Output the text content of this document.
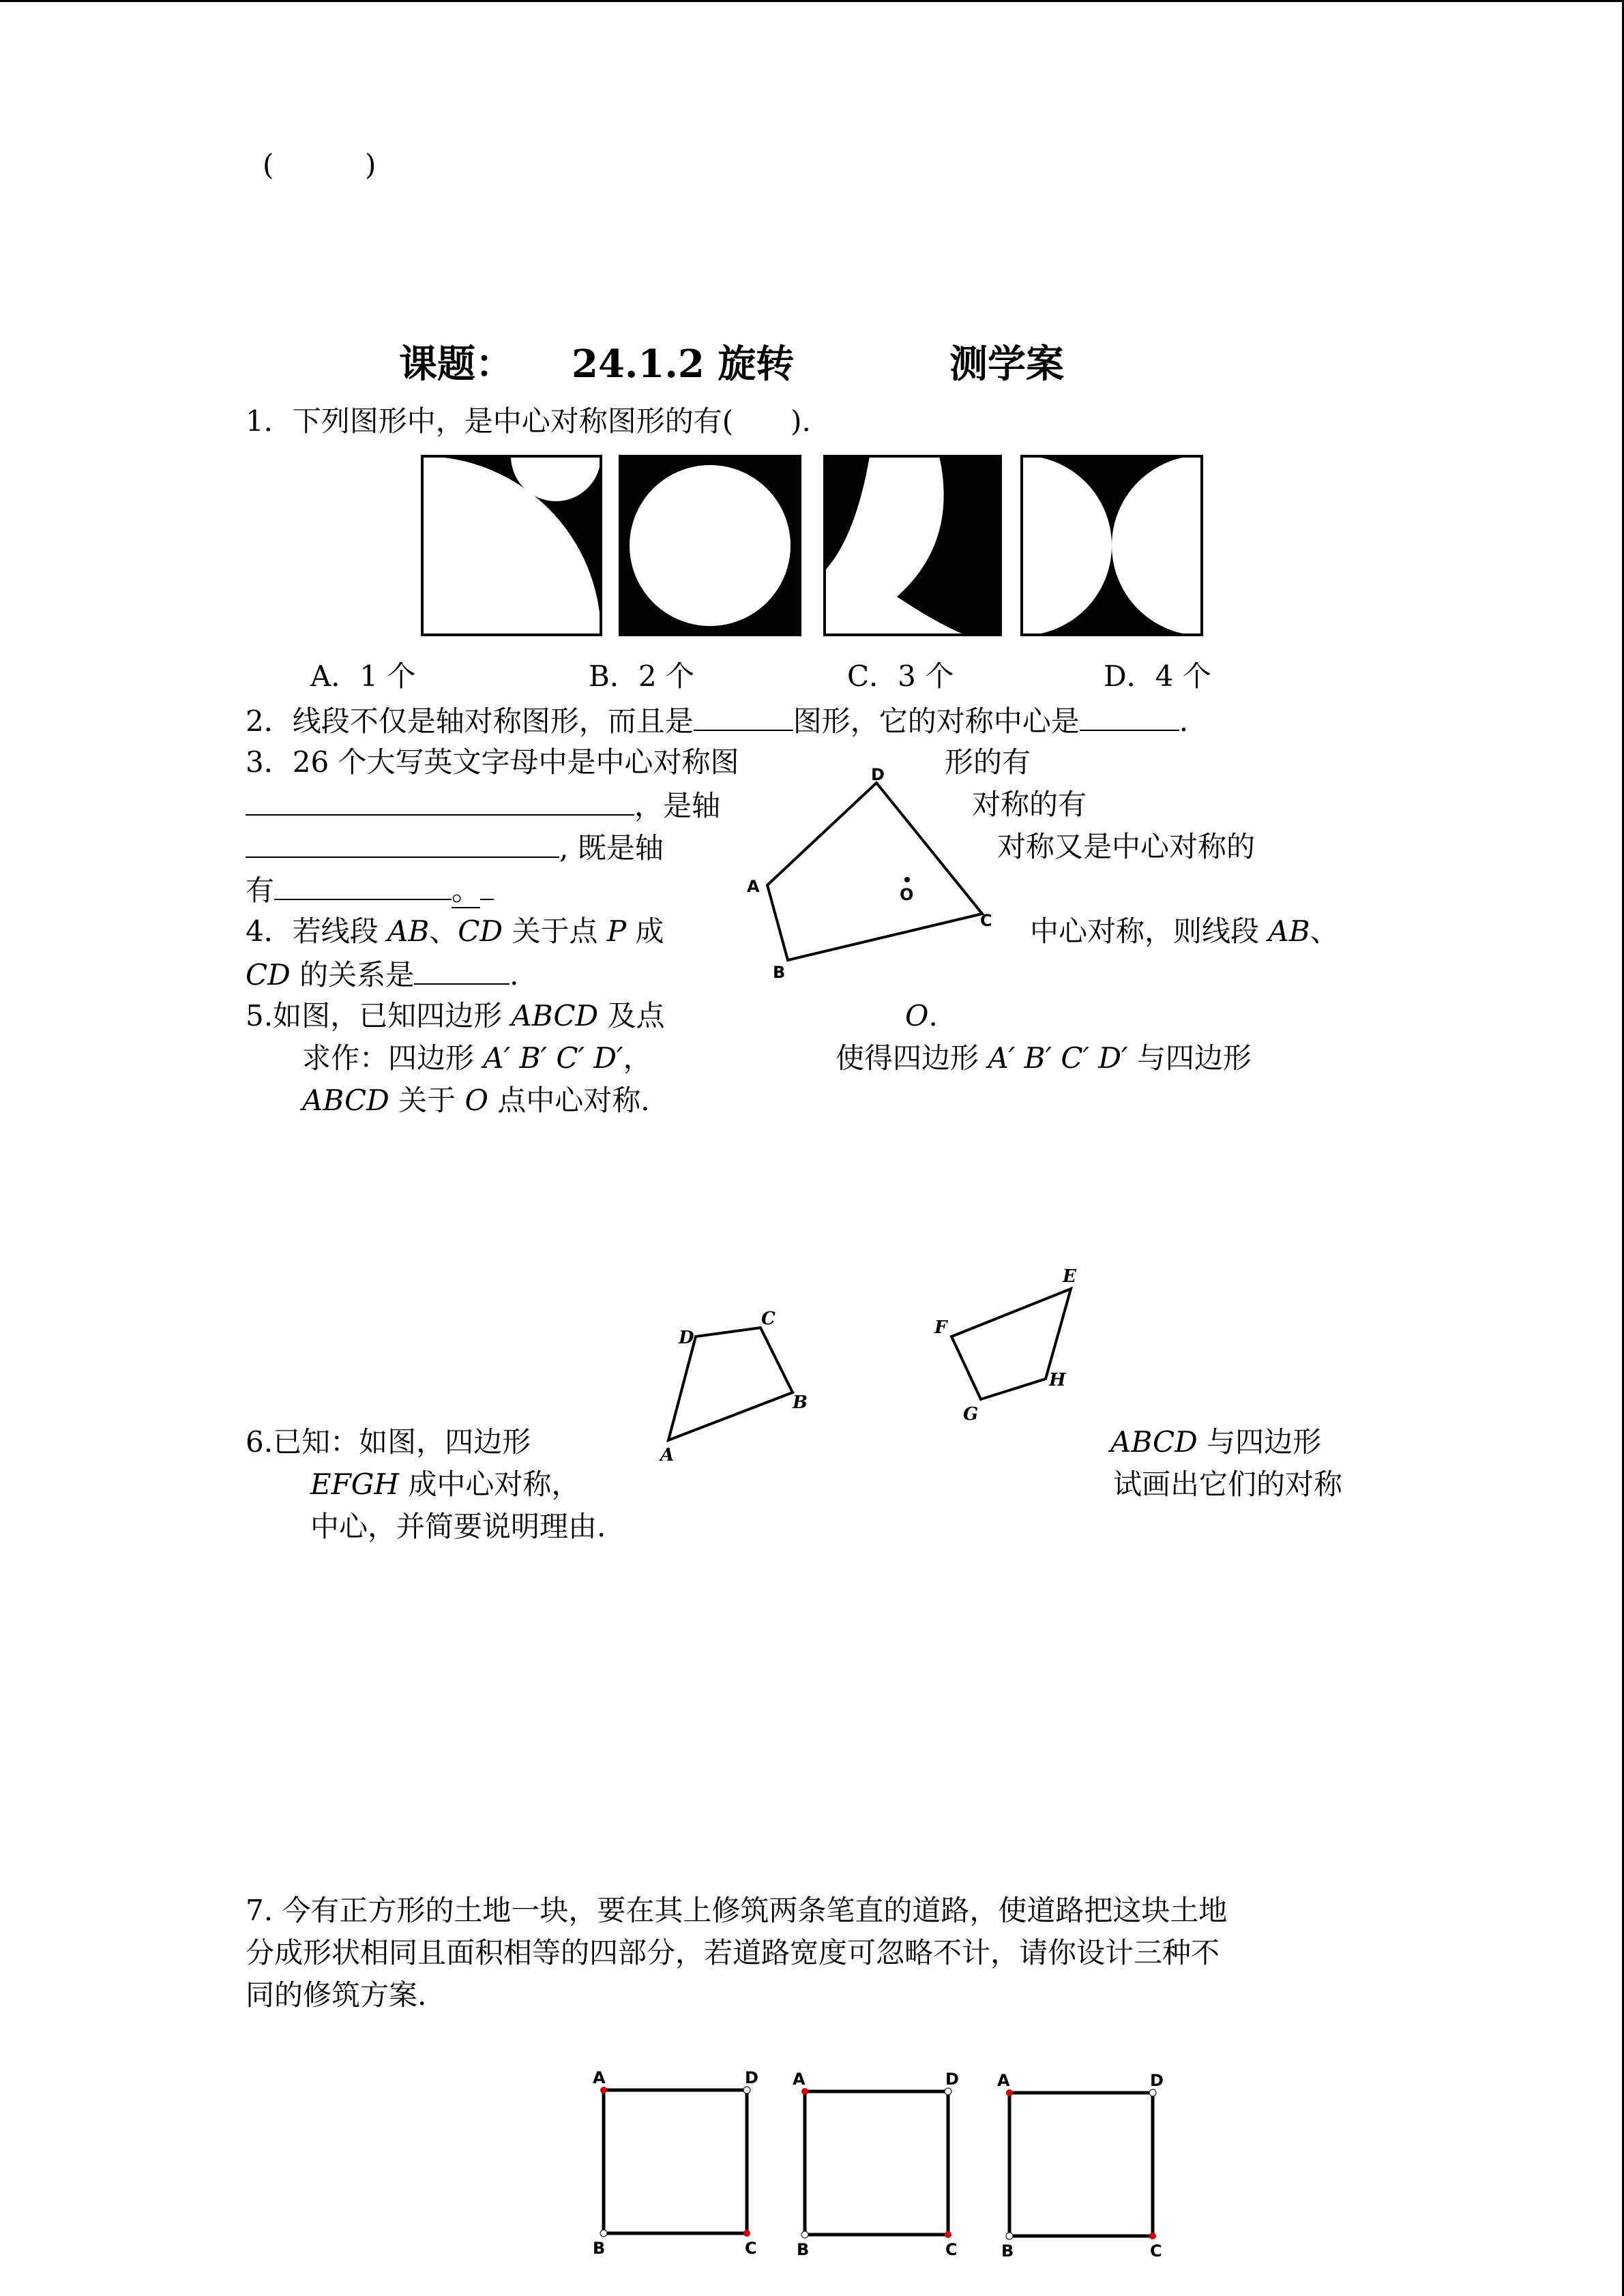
(	)
课题： 24.1.2 旋转	测学案
1．下列图形中，是中心对称图形的有(　　).
A．1 个	B．2 个	C．3 个	D．4 个
2．线段不仅是轴对称图形，而且是	图形，它的对称中心是	.
3．26 个大写英文字母中是中心对称图	形的有
，是轴	对称的有
, 既是轴	对称又是中心对称的
有	。
D
A	O
C
B
4．若线段 AB、CD 关于点 P 成	中心对称，则线段 AB、
CD 的关系是	.
5.如图，已知四边形 ABCD 及点	O.
求作：四边形 A′ B′ C′ D′，	使得四边形 A′ B′ C′ D′ 与四边形
ABCD 关于 O 点中心对称.
C
D
B
A
E
F
H
G
6.已知：如图，四边形	ABCD 与四边形
EFGH 成中心对称，	试画出它们的对称
中心，并简要说明理由.
7. 今有正方形的土地一块，要在其上修筑两条笔直的道路，使道路把这块土地
分成形状相同且面积相等的四部分，若道路宽度可忽略不计，请你设计三种不
同的修筑方案.
A	D
B	C
A	D
B	C
A	D
B	C
